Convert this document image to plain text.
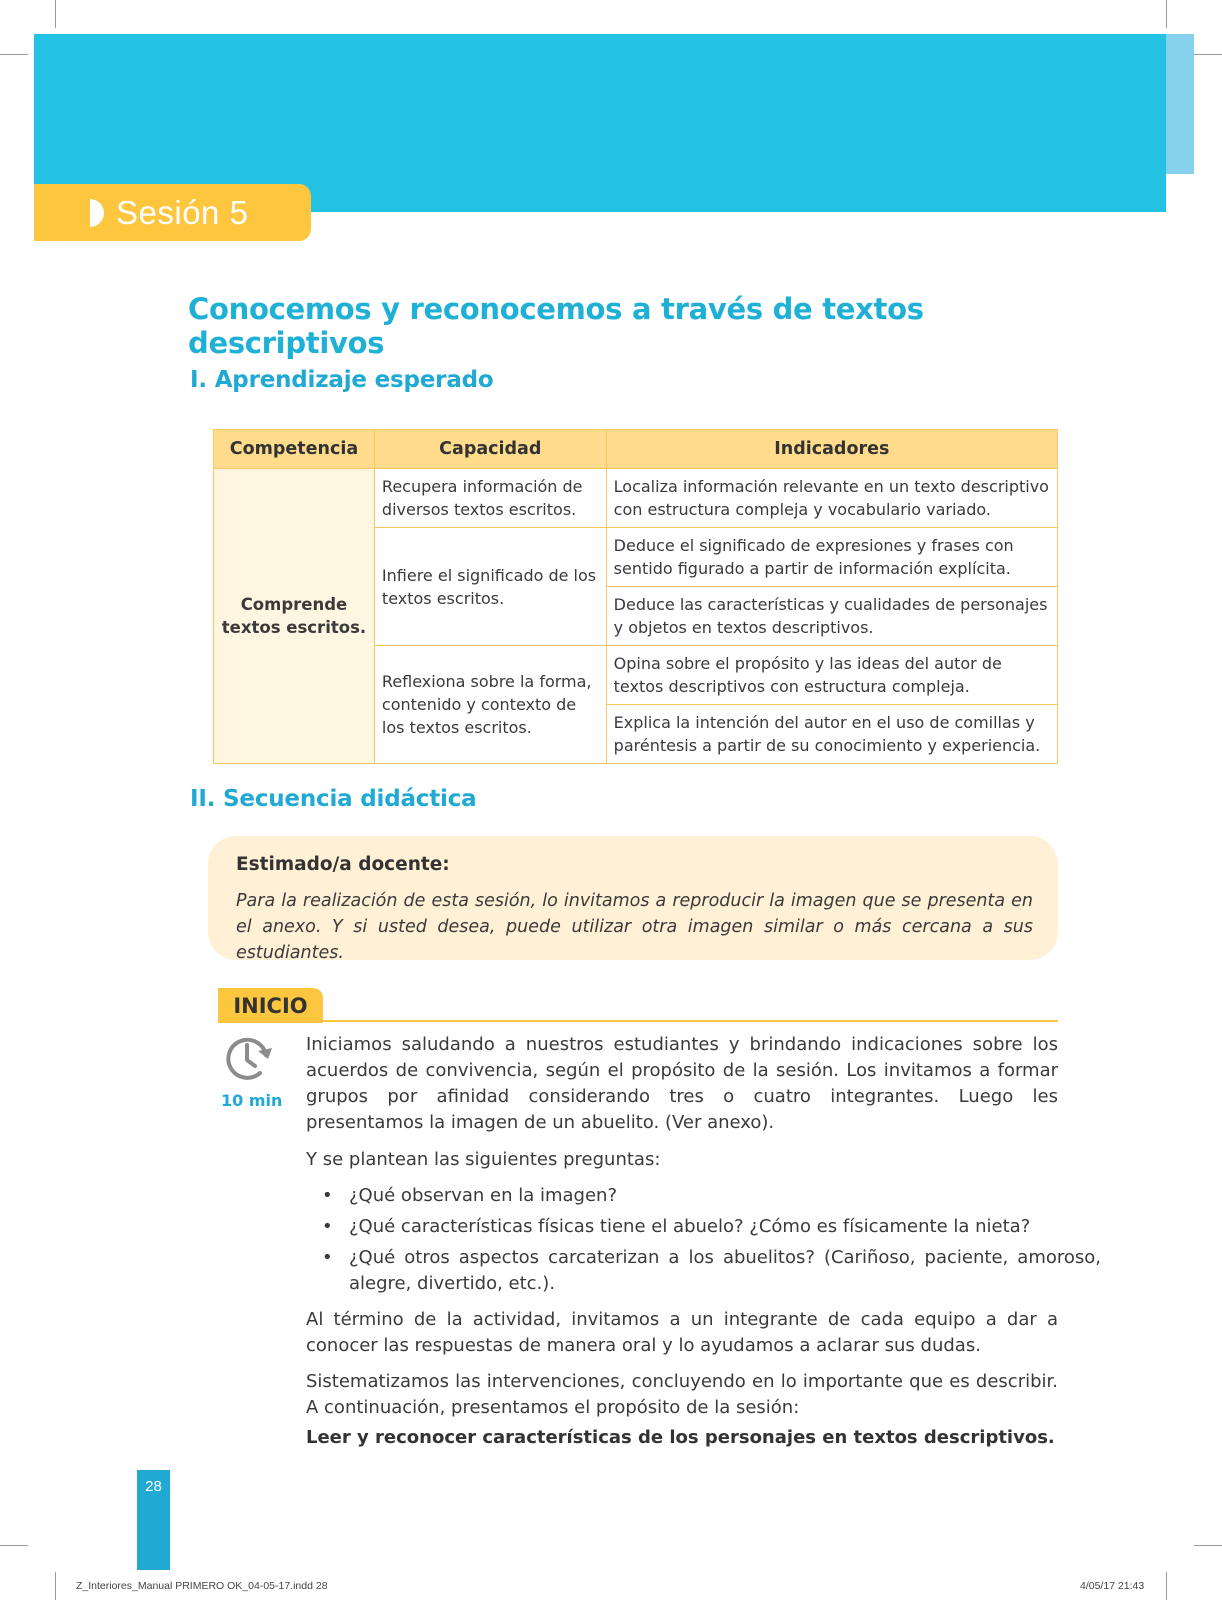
Sesión 5
Conocemos y reconocemos a través de textos descriptivos
I. Aprendizaje esperado
Competencia	Capacidad	Indicadores
Comprende
textos escritos.	Recupera información de diversos textos escritos.	Localiza información relevante en un texto descriptivo con estructura compleja y vocabulario variado.
	Infiere el significado de los textos escritos.	Deduce el significado de expresiones y frases con sentido figurado a partir de información explícita.
		Deduce las características y cualidades de personajes y objetos en textos descriptivos.
	Reflexiona sobre la forma, contenido y contexto de los textos escritos.	Opina sobre el propósito y las ideas del autor de textos descriptivos con estructura compleja.
		Explica la intención del autor en el uso de comillas y paréntesis a partir de su conocimiento y experiencia.
II. Secuencia didáctica
Estimado/a docente:
Para la realización de esta sesión, lo invitamos a reproducir la imagen que se presenta en el anexo. Y si usted desea, puede utilizar otra imagen similar o más cercana a sus estudiantes.
INICIO
10 min
Iniciamos saludando a nuestros estudiantes y brindando indicaciones sobre los acuerdos de convivencia, según el propósito de la sesión. Los invitamos a formar grupos por afinidad considerando tres o cuatro integrantes. Luego les presentamos la imagen de un abuelito. (Ver anexo).
Y se plantean las siguientes preguntas:
• ¿Qué observan en la imagen?
• ¿Qué características físicas tiene el abuelo? ¿Cómo es físicamente la nieta?
• ¿Qué otros aspectos carcaterizan a los abuelitos? (Cariñoso, paciente, amoroso, alegre, divertido, etc.).
Al término de la actividad, invitamos a un integrante de cada equipo a dar a conocer las respuestas de manera oral y lo ayudamos a aclarar sus dudas.
Sistematizamos las intervenciones, concluyendo en lo importante que es describir. A continuación, presentamos el propósito de la sesión:
Leer y reconocer características de los personajes en textos descriptivos.
28
Z_Interiores_Manual PRIMERO OK_04-05-17.indd 28	4/05/17 21:43
